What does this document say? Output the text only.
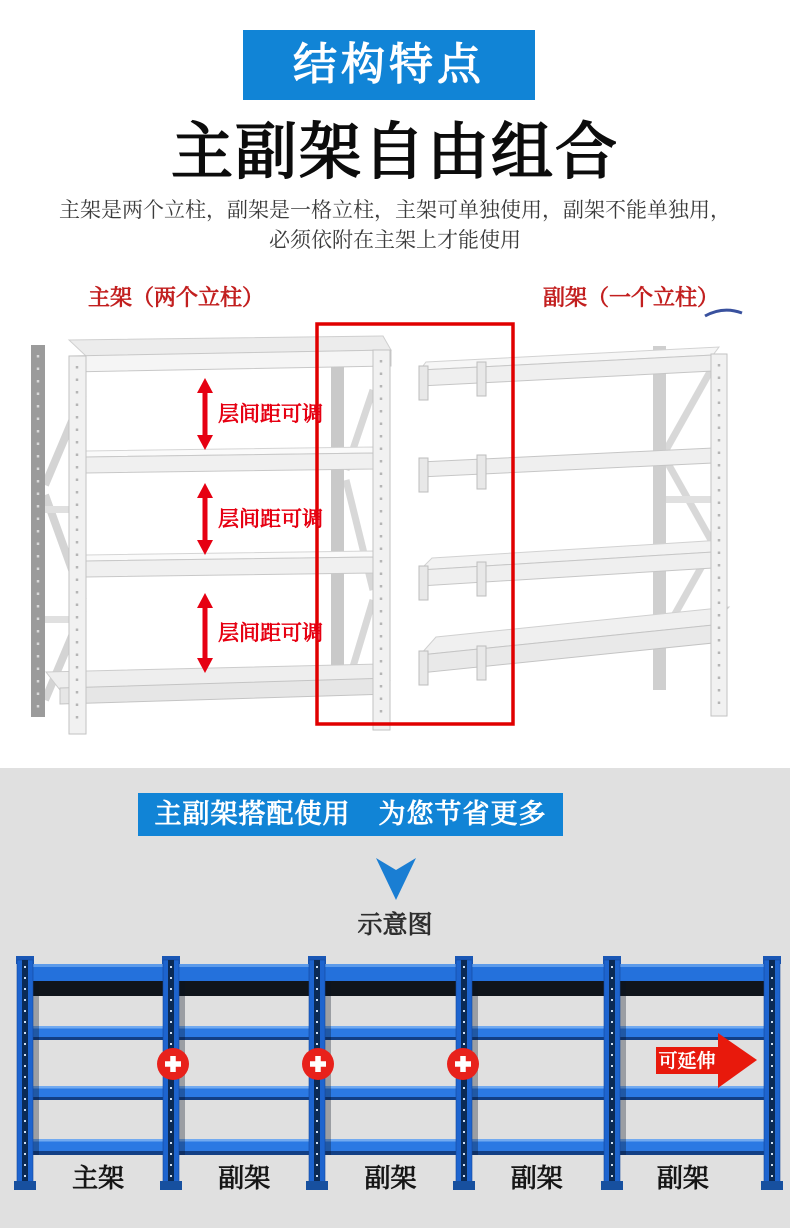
结构特点
主副架自由组合
主架是两个立柱，副架是一格立柱，主架可单独使用，副架不能单独用，
必须依附在主架上才能使用
主架（两个立柱）	副架（一个立柱）
层间距可调
层间距可调
层间距可调
主副架搭配使用　为您节省更多
示意图
可延伸
主架	副架	副架	副架	副架
